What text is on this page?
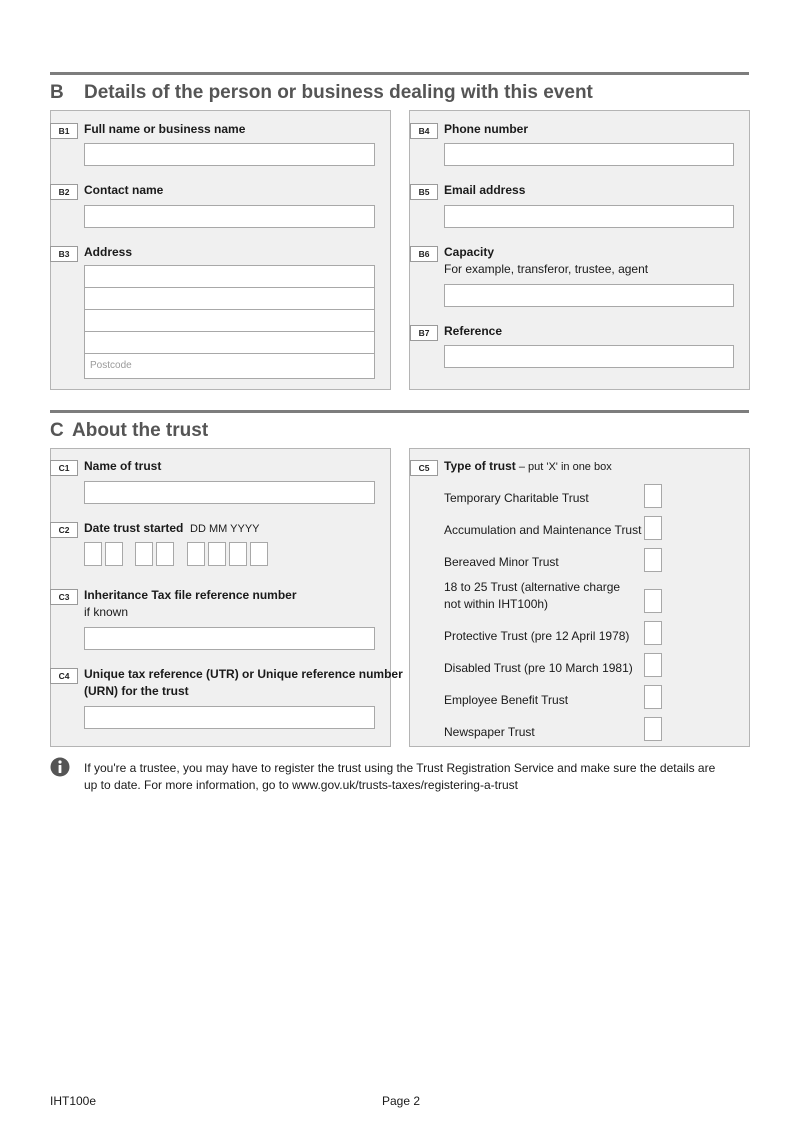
B Details of the person or business dealing with this event
B1	Full name or business name
B2	Contact name
B3	Address
Postcode
B4	Phone number
B5	Email address
B6	Capacity
For example, transferor, trustee, agent
B7	Reference
C About the trust
C1	Name of trust
C2	Date trust started DD MM YYYY
C3	Inheritance Tax file reference number
if known
C4	Unique tax reference (UTR) or Unique reference number
(URN) for the trust
C5	Type of trust – put 'X' in one box
Temporary Charitable Trust
Accumulation and Maintenance Trust
Bereaved Minor Trust
18 to 25 Trust (alternative charge
not within IHT100h)
Protective Trust (pre 12 April 1978)
Disabled Trust (pre 10 March 1981)
Employee Benefit Trust
Newspaper Trust
If you're a trustee, you may have to register the trust using the Trust Registration Service and make sure the details are
up to date. For more information, go to www.gov.uk/trusts-taxes/registering-a-trust
IHT100e	Page 2
